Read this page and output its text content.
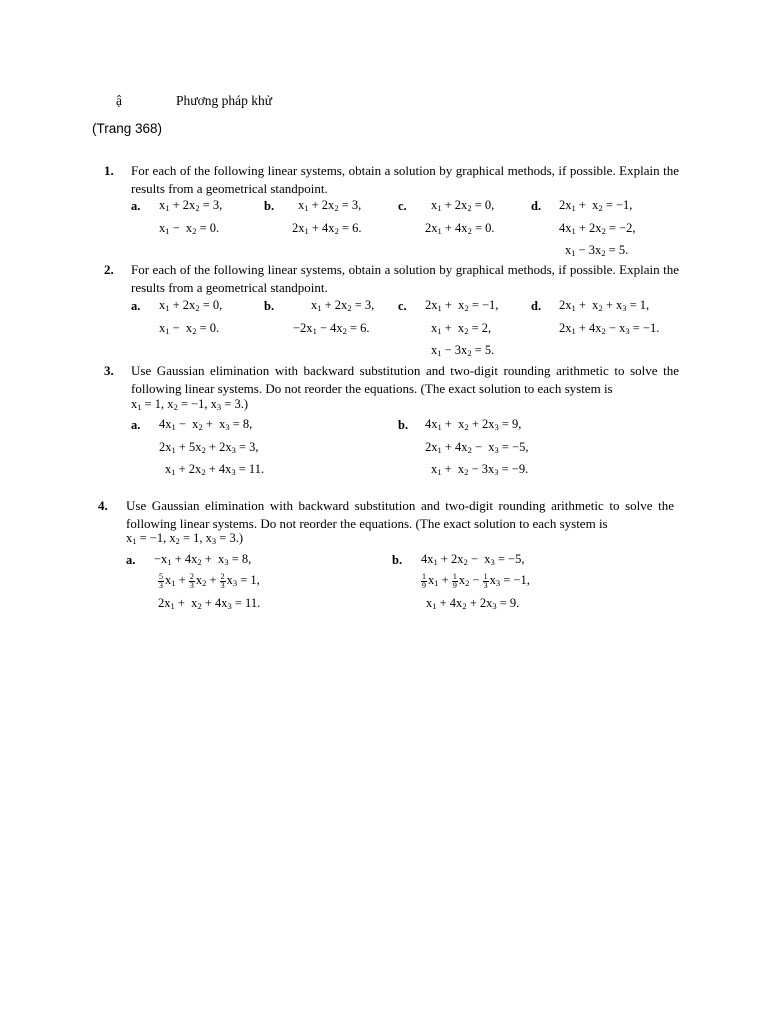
ậ	Phương pháp khử
(Trang 368)
1. For each of the following linear systems, obtain a solution by graphical methods, if possible. Explain the results from a geometrical standpoint.
a. $x_1 + 2x_2 = 3$,
$x_1 - x_2 = 0$.
b. $x_1 + 2x_2 = 3$,
$2x_1 + 4x_2 = 6$.
c. $x_1 + 2x_2 = 0$,
$2x_1 + 4x_2 = 0$.
d. $2x_1 + x_2 = -1$,
$4x_1 + 2x_2 = -2$,
$x_1 - 3x_2 = 5$.
2. For each of the following linear systems, obtain a solution by graphical methods, if possible. Explain the results from a geometrical standpoint.
a. $x_1 + 2x_2 = 0$,
$x_1 - x_2 = 0$.
b.	$x_1 + 2x_2 = 3$,
$-2x_1 - 4x_2 = 6$.
c. $2x_1 + x_2 = -1$,
$x_1 + x_2 = 2$,
$x_1 - 3x_2 = 5$.
d. $2x_1 + x_2 + x_3 = 1$,
$2x_1 + 4x_2 - x_3 = -1$.
3. Use Gaussian elimination with backward substitution and two-digit rounding arithmetic to solve the following linear systems. Do not reorder the equations. (The exact solution to each system is
$x_1 = 1$, $x_2 = -1$, $x_3 = 3$.)
a. $4x_1 - x_2 + x_3 = 8$,
$2x_1 + 5x_2 + 2x_3 = 3$,
$x_1 + 2x_2 + 4x_3 = 11$.
b. $4x_1 + x_2 + 2x_3 = 9$,
$2x_1 + 4x_2 - x_3 = -5$,
$x_1 + x_2 - 3x_3 = -9$.
4. Use Gaussian elimination with backward substitution and two-digit rounding arithmetic to solve the following linear systems. Do not reorder the equations. (The exact solution to each system is
$x_1 = -1$, $x_2 = 1$, $x_3 = 3$.)
a. $-x_1 + 4x_2 + x_3 = 8$,
$\frac{5}{3} x_1 + \frac{2}{3} x_2 + \frac{2}{3} x_3 = 1$,
$2x_1 + x_2 + 4x_3 = 11$.
b. $4x_1 + 2x_2 - x_3 = -5$,
$\frac{1}{9} x_1 + \frac{1}{9} x_2 - \frac{1}{3} x_3 = -1$,
$x_1 + 4x_2 + 2x_3 = 9$.
